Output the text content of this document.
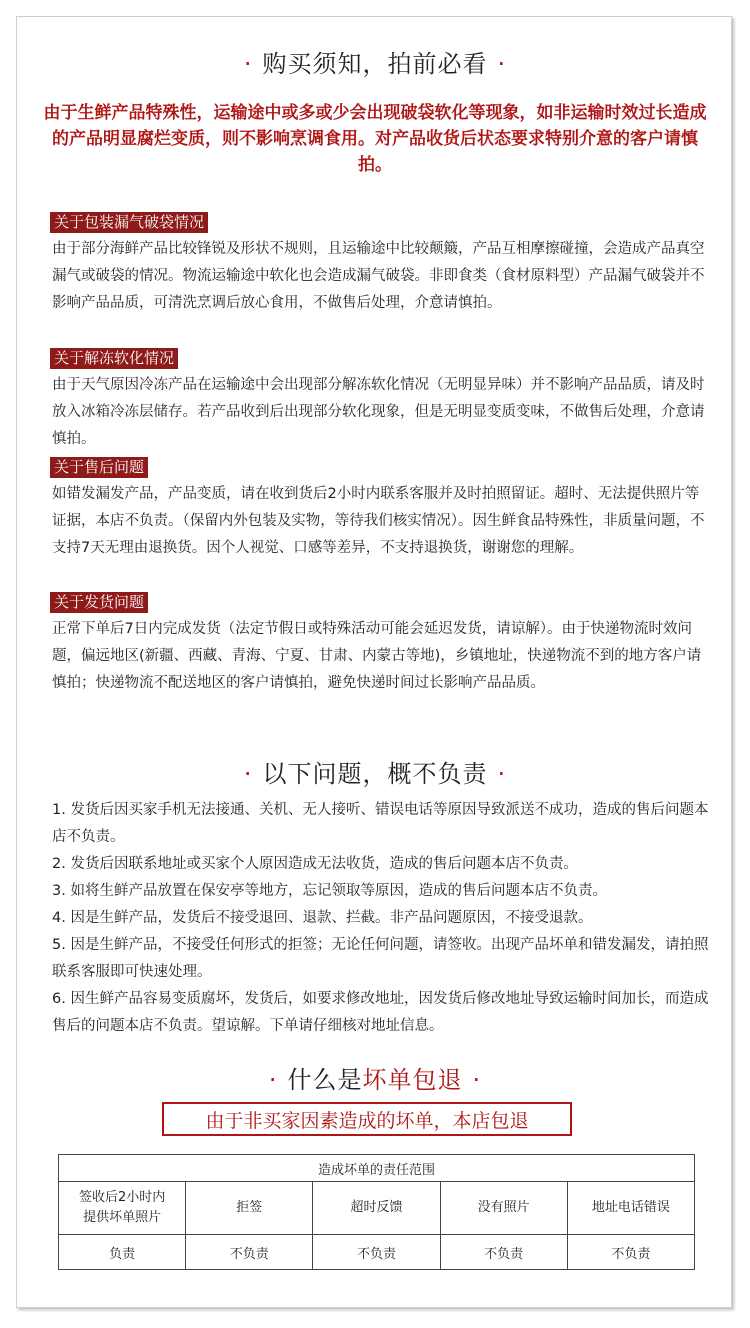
· 购买须知，拍前必看 ·
由于生鲜产品特殊性，运输途中或多或少会出现破袋软化等现象，如非运输时效过长造成的产品明显腐烂变质，则不影响烹调食用。对产品收货后状态要求特别介意的客户请慎拍。
关于包装漏气破袋情况
由于部分海鲜产品比较锋锐及形状不规则，且运输途中比较颠簸，产品互相摩擦碰撞，会造成产品真空漏气或破袋的情况。物流运输途中软化也会造成漏气破袋。非即食类（食材原料型）产品漏气破袋并不影响产品品质，可清洗烹调后放心食用，不做售后处理，介意请慎拍。
关于解冻软化情况
由于天气原因冷冻产品在运输途中会出现部分解冻软化情况（无明显异味）并不影响产品品质，请及时放入冰箱冷冻层储存。若产品收到后出现部分软化现象，但是无明显变质变味，不做售后处理，介意请慎拍。
关于售后问题
如错发漏发产品，产品变质，请在收到货后2小时内联系客服并及时拍照留证。超时、无法提供照片等证据，本店不负责。（保留内外包装及实物，等待我们核实情况）。因生鲜食品特殊性，非质量问题，不支持7天无理由退换货。因个人视觉、口感等差异，不支持退换货，谢谢您的理解。
关于发货问题
正常下单后7日内完成发货（法定节假日或特殊活动可能会延迟发货，请谅解）。由于快递物流时效问题，偏远地区(新疆、西藏、青海、宁夏、甘肃、内蒙古等地)，乡镇地址，快递物流不到的地方客户请慎拍；快递物流不配送地区的客户请慎拍，避免快递时间过长影响产品品质。
· 以下问题，概不负责 ·
1. 发货后因买家手机无法接通、关机、无人接听、错误电话等原因导致派送不成功，造成的售后问题本店不负责。
2. 发货后因联系地址或买家个人原因造成无法收货，造成的售后问题本店不负责。
3. 如将生鲜产品放置在保安亭等地方，忘记领取等原因，造成的售后问题本店不负责。
4. 因是生鲜产品，发货后不接受退回、退款、拦截。非产品问题原因，不接受退款。
5. 因是生鲜产品，不接受任何形式的拒签；无论任何问题，请签收。出现产品坏单和错发漏发，请拍照联系客服即可快速处理。
6. 因生鲜产品容易变质腐坏，发货后，如要求修改地址，因发货后修改地址导致运输时间加长，而造成售后的问题本店不负责。望谅解。下单请仔细核对地址信息。
· 什么是坏单包退 ·
由于非买家因素造成的坏单，本店包退
造成坏单的责任范围				
签收后2小时内
提供坏单照片	拒签	超时反馈	没有照片	地址电话错误
负责	不负责	不负责	不负责	不负责
